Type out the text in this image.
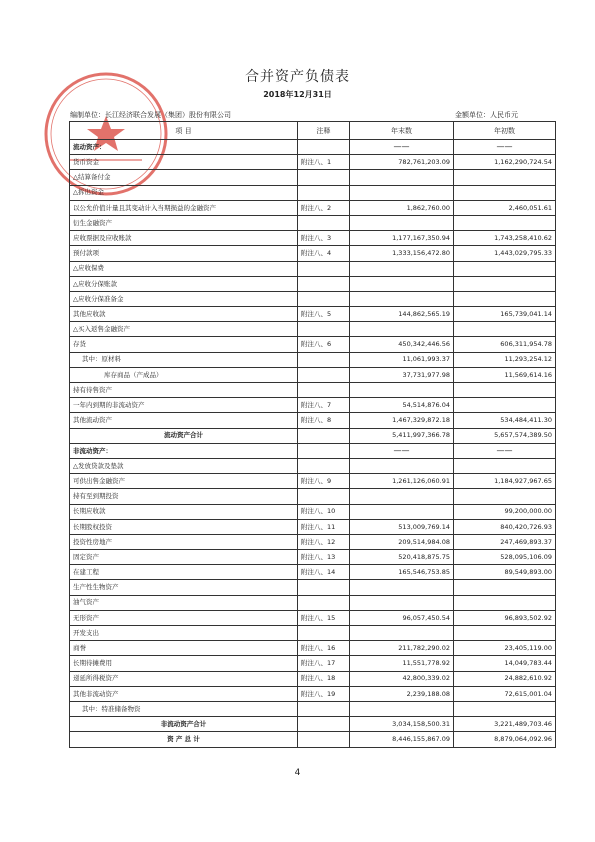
合并资产负债表
2018年12月31日
编制单位：长江经济联合发展（集团）股份有限公司	金额单位：人民币元
项 目	注释	年末数	年初数
流动资产：		——	——
货币资金	附注八、1	782,761,203.09	1,162,290,724.54
△结算备付金			
△拆出资金			
以公允价值计量且其变动计入当期损益的金融资产	附注八、2	1,862,760.00	2,460,051.61
衍生金融资产			
应收票据及应收账款	附注八、3	1,177,167,350.94	1,743,258,410.62
预付款项	附注八、4	1,333,156,472.80	1,443,029,795.33
△应收保费			
△应收分保账款			
△应收分保准备金			
其他应收款	附注八、5	144,862,565.19	165,739,041.14
△买入返售金融资产			
存货	附注八、6	450,342,446.56	606,311,954.78
其中：原材料		11,061,993.37	11,293,254.12
库存商品（产成品）		37,731,977.98	11,569,614.16
持有待售资产			
一年内到期的非流动资产	附注八、7	54,514,876.04	
其他流动资产	附注八、8	1,467,329,872.18	534,484,411.30
流动资产合计		5,411,997,366.78	5,657,574,389.50
非流动资产：		——	——
△发放贷款及垫款			
可供出售金融资产	附注八、9	1,261,126,060.91	1,184,927,967.65
持有至到期投资			
长期应收款	附注八、10		99,200,000.00
长期股权投资	附注八、11	513,009,769.14	840,420,726.93
投资性房地产	附注八、12	209,514,984.08	247,469,893.37
固定资产	附注八、13	520,418,875.75	528,095,106.09
在建工程	附注八、14	165,546,753.85	89,549,893.00
生产性生物资产			
油气资产			
无形资产	附注八、15	96,057,450.54	96,893,502.92
开发支出			
商誉	附注八、16	211,782,290.02	23,405,119.00
长期待摊费用	附注八、17	11,551,778.92	14,049,783.44
递延所得税资产	附注八、18	42,800,339.02	24,882,610.92
其他非流动资产	附注八、19	2,239,188.08	72,615,001.04
其中：特准储备物资			
非流动资产合计		3,034,158,500.31	3,221,489,703.46
资 产 总 计		8,446,155,867.09	8,879,064,092.96
4
